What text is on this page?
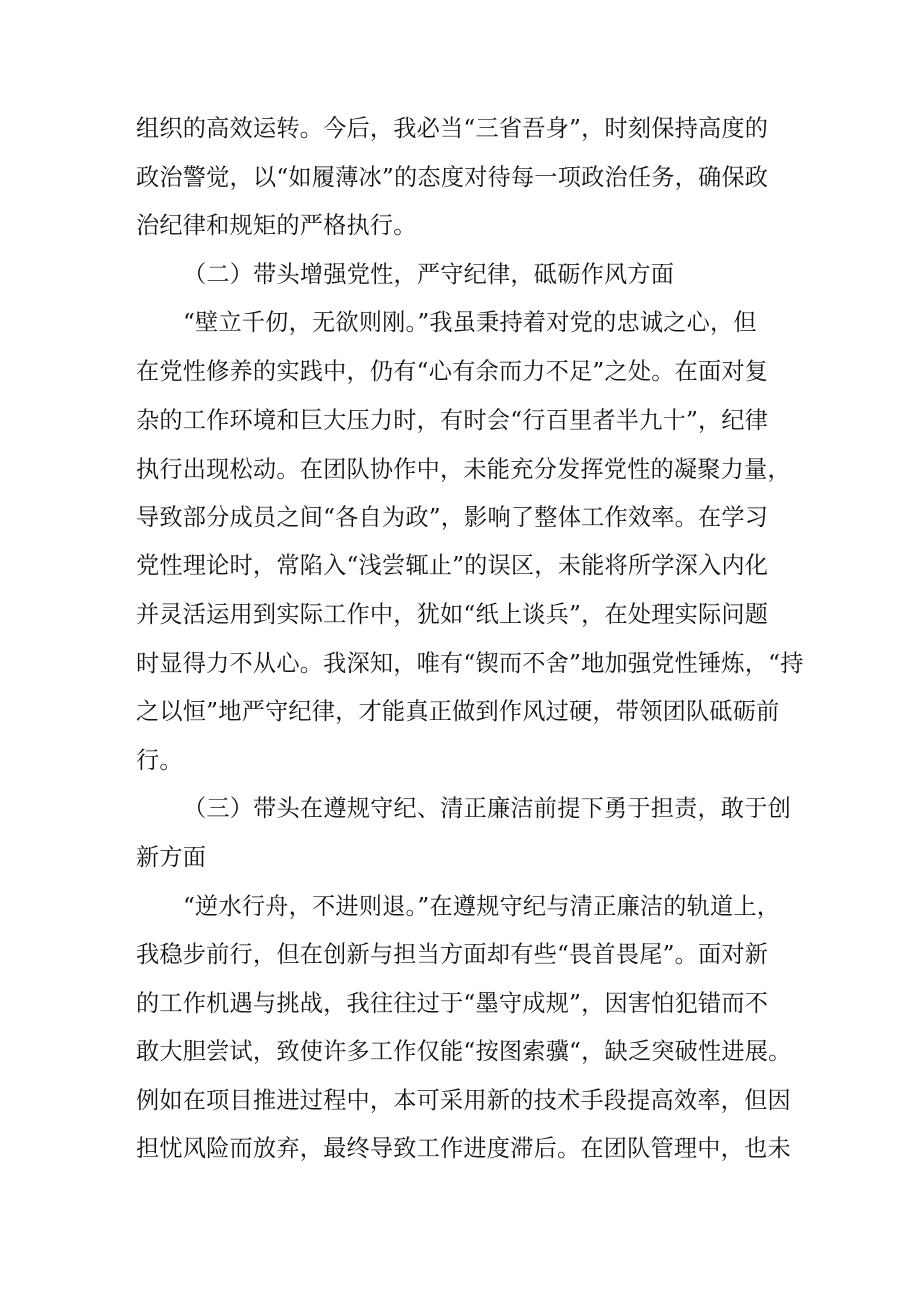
组织的高效运转。今后，我必当“三省吾身”，时刻保持高度的
政治警觉，以“如履薄冰”的态度对待每一项政治任务，确保政
治纪律和规矩的严格执行。
（二）带头增强党性，严守纪律，砥砺作风方面
“壁立千仞，无欲则刚。”我虽秉持着对党的忠诚之心，但
在党性修养的实践中，仍有“心有余而力不足”之处。在面对复
杂的工作环境和巨大压力时，有时会“行百里者半九十”，纪律
执行出现松动。在团队协作中，未能充分发挥党性的凝聚力量，
导致部分成员之间“各自为政”，影响了整体工作效率。在学习
党性理论时，常陷入“浅尝辄止”的误区，未能将所学深入内化
并灵活运用到实际工作中，犹如“纸上谈兵”，在处理实际问题
时显得力不从心。我深知，唯有“锲而不舍”地加强党性锤炼，“持
之以恒”地严守纪律，才能真正做到作风过硬，带领团队砥砺前
行。
（三）带头在遵规守纪、清正廉洁前提下勇于担责，敢于创
新方面
“逆水行舟，不进则退。”在遵规守纪与清正廉洁的轨道上，
我稳步前行，但在创新与担当方面却有些“畏首畏尾”。面对新
的工作机遇与挑战，我往往过于“墨守成规”，因害怕犯错而不
敢大胆尝试，致使许多工作仅能“按图索骥“，缺乏突破性进展。
例如在项目推进过程中，本可采用新的技术手段提高效率，但因
担忧风险而放弃，最终导致工作进度滞后。在团队管理中，也未
